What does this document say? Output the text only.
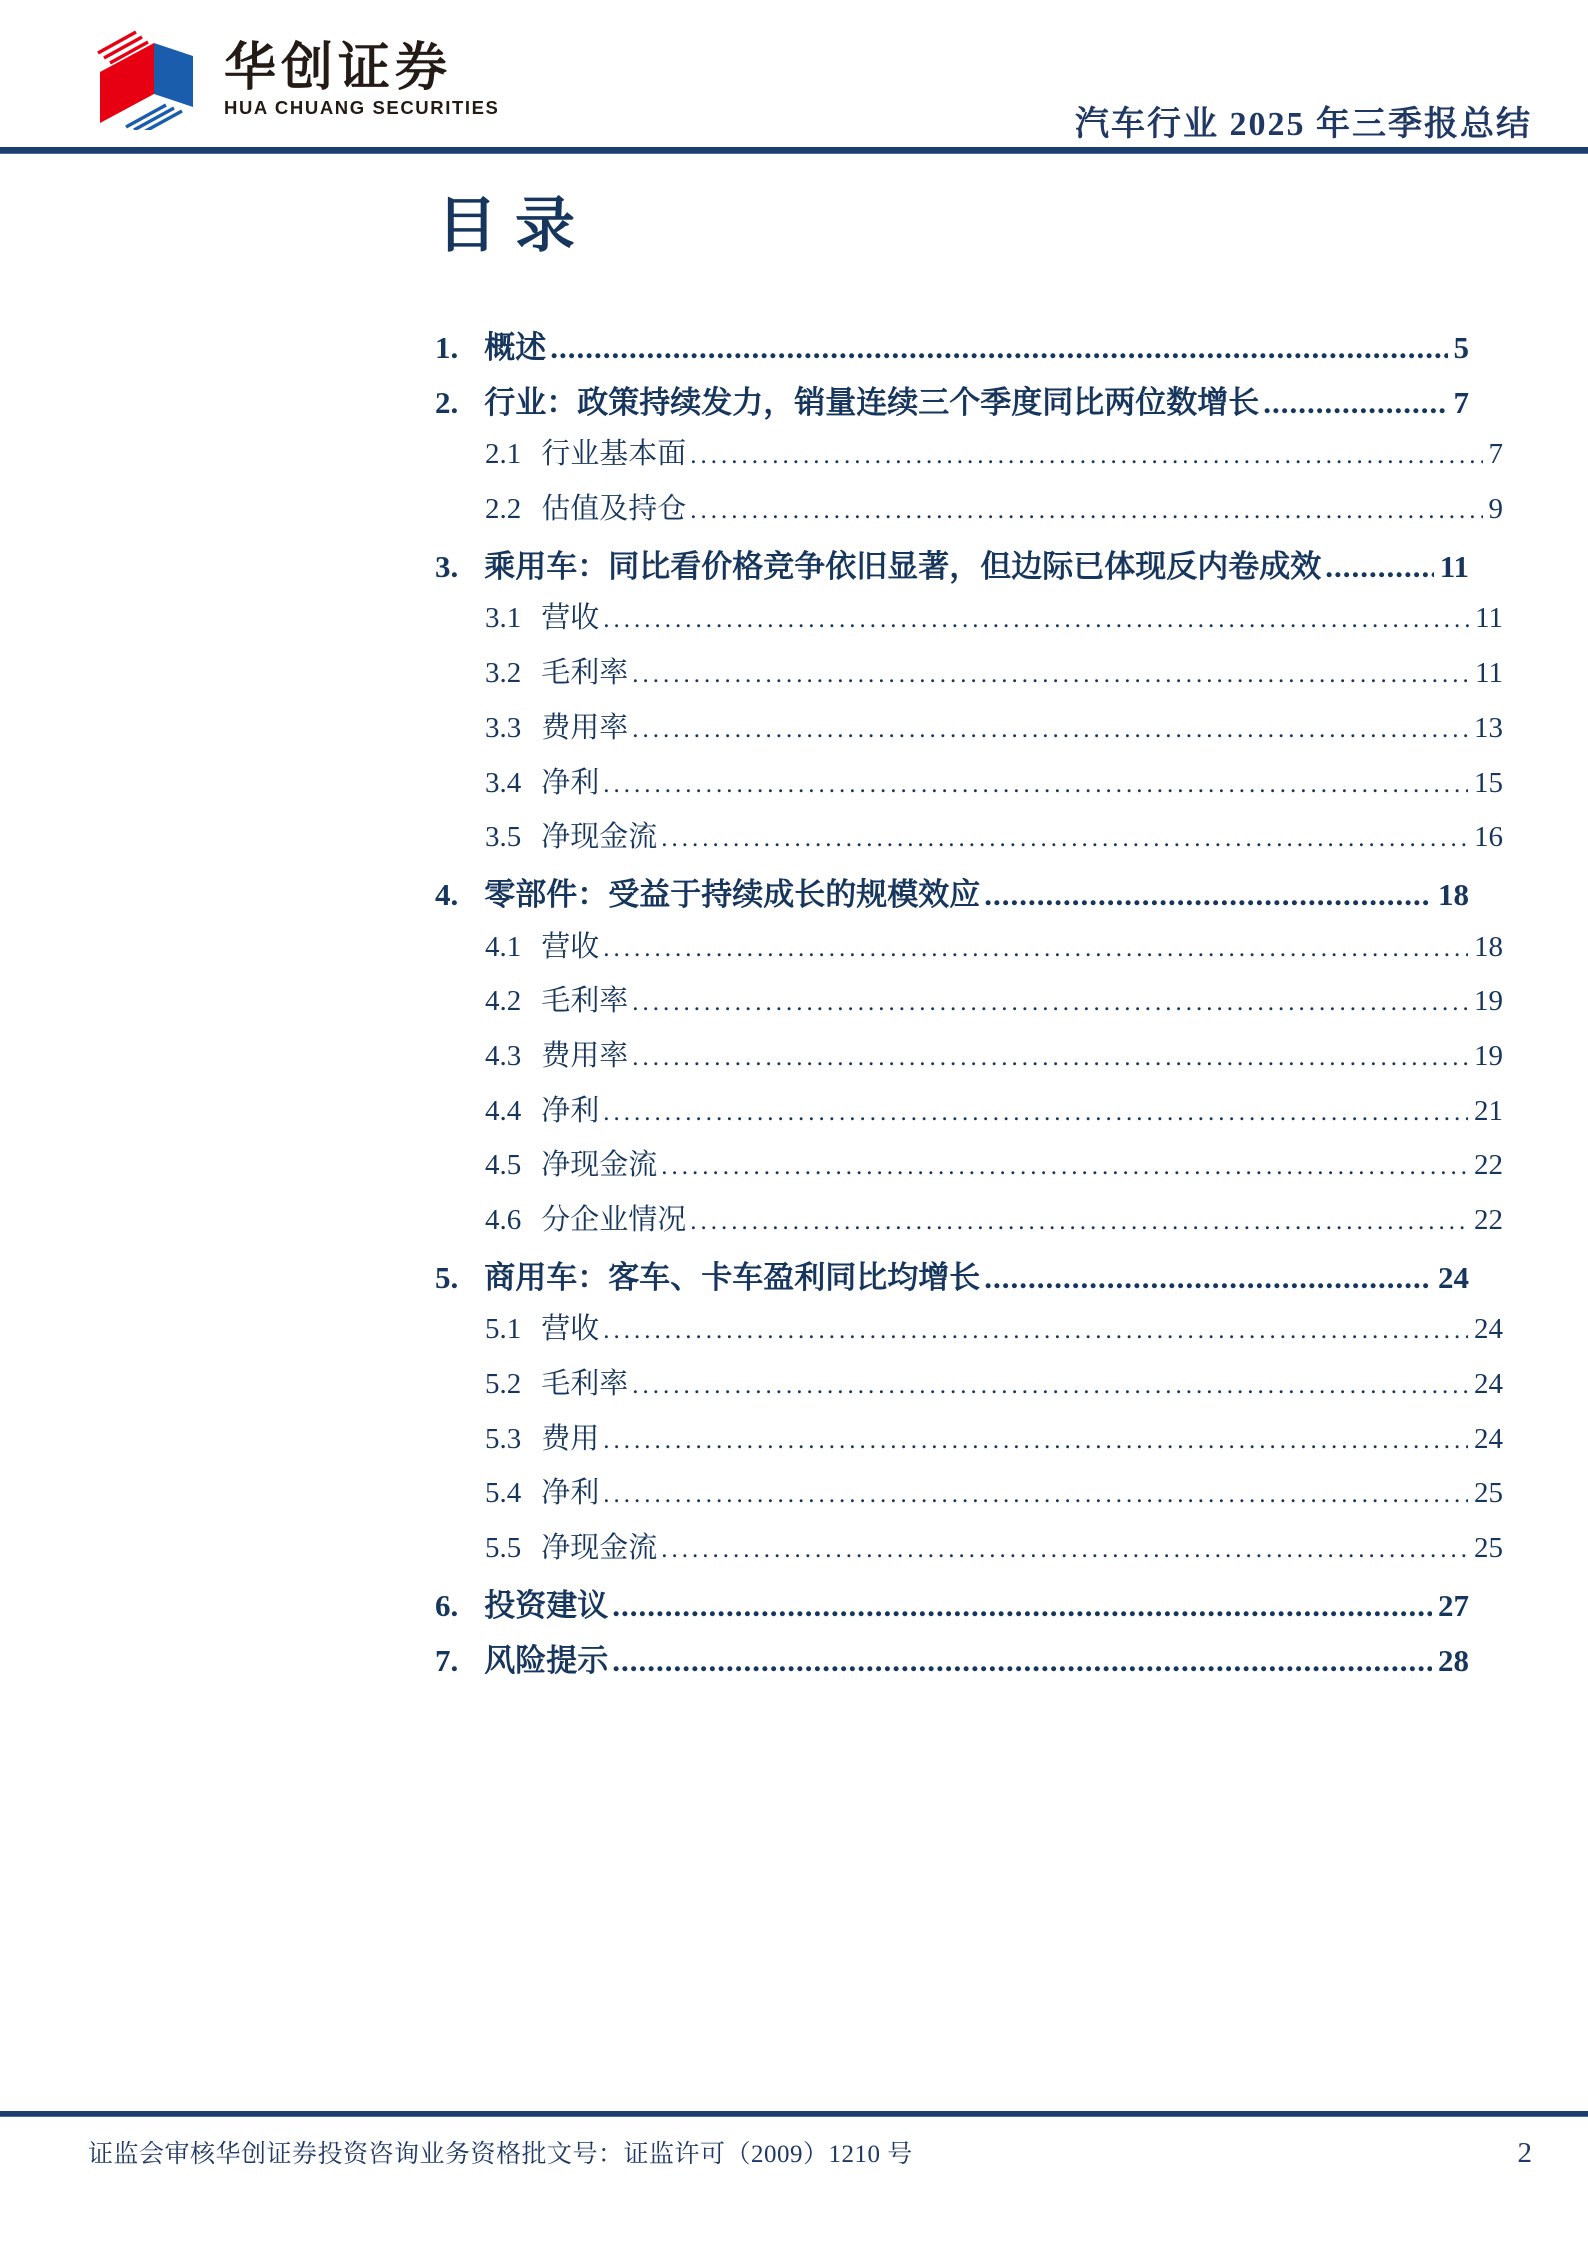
华创证券
HUA CHUANG SECURITIES	汽车行业 2025 年三季报总结
目录
1. 概述 .....	5
2. 行业：政策持续发力，销量连续三个季度同比两位数增长 .....	7
2.1 行业基本面 .....	7
2.2 估值及持仓 .....	9
3. 乘用车：同比看价格竞争依旧显著，但边际已体现反内卷成效 .....	11
3.1 营收 .....	11
3.2 毛利率 .....	11
3.3 费用率 .....	13
3.4 净利 .....	15
3.5 净现金流 .....	16
4. 零部件：受益于持续成长的规模效应 .....	18
4.1 营收 .....	18
4.2 毛利率 .....	19
4.3 费用率 .....	19
4.4 净利 .....	21
4.5 净现金流 .....	22
4.6 分企业情况 .....	22
5. 商用车：客车、卡车盈利同比均增长 .....	24
5.1 营收 .....	24
5.2 毛利率 .....	24
5.3 费用 .....	24
5.4 净利 .....	25
5.5 净现金流 .....	25
6. 投资建议 .....	27
7. 风险提示 .....	28
证监会审核华创证券投资咨询业务资格批文号：证监许可（2009）1210 号	2
